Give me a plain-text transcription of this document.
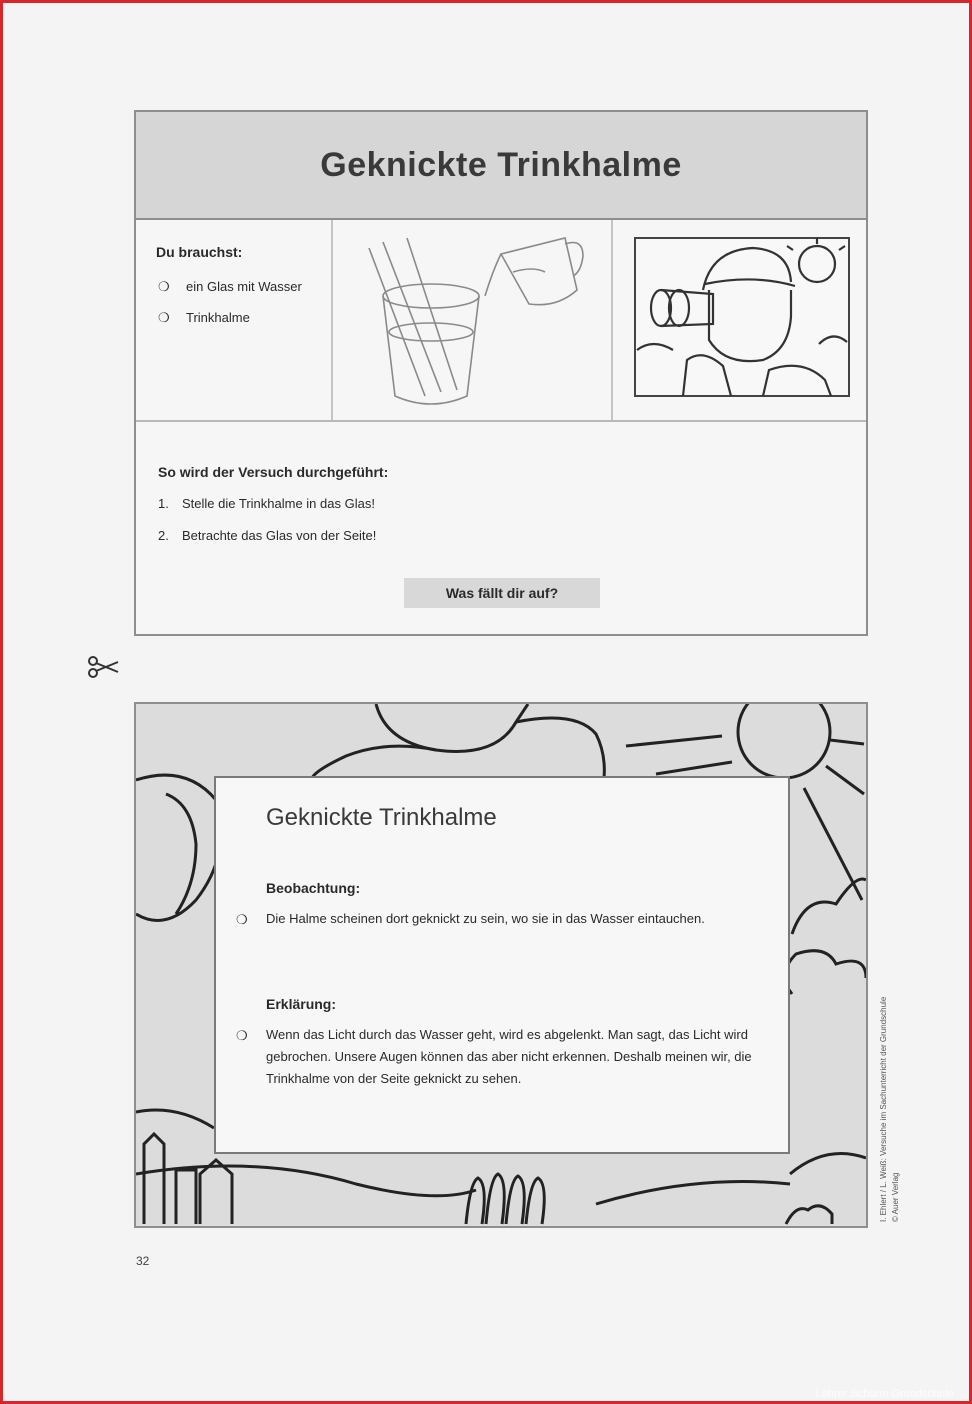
Geknickte Trinkhalme
Du brauchst:
❍ ein Glas mit Wasser
❍ Trinkhalme
So wird der Versuch durchgeführt:
1. Stelle die Trinkhalme in das Glas!
2. Betrachte das Glas von der Seite!
Was fällt dir auf?
Geknickte Trinkhalme
Beobachtung:
❍ Die Halme scheinen dort geknickt zu sein, wo sie in das Wasser eintauchen.
Erklärung:
❍ Wenn das Licht durch das Wasser geht, wird es abgelenkt. Man sagt, das Licht wird gebrochen. Unsere Augen können das aber nicht erkennen. Deshalb meinen wir, die Trinkhalme von der Seite geknickt zu sehen.	I. Ehlert / L. Weiß: Versuche im Sachunterricht der Grundschule © Auer Verlag
32
Lehrer Schürm Grundschule ...
